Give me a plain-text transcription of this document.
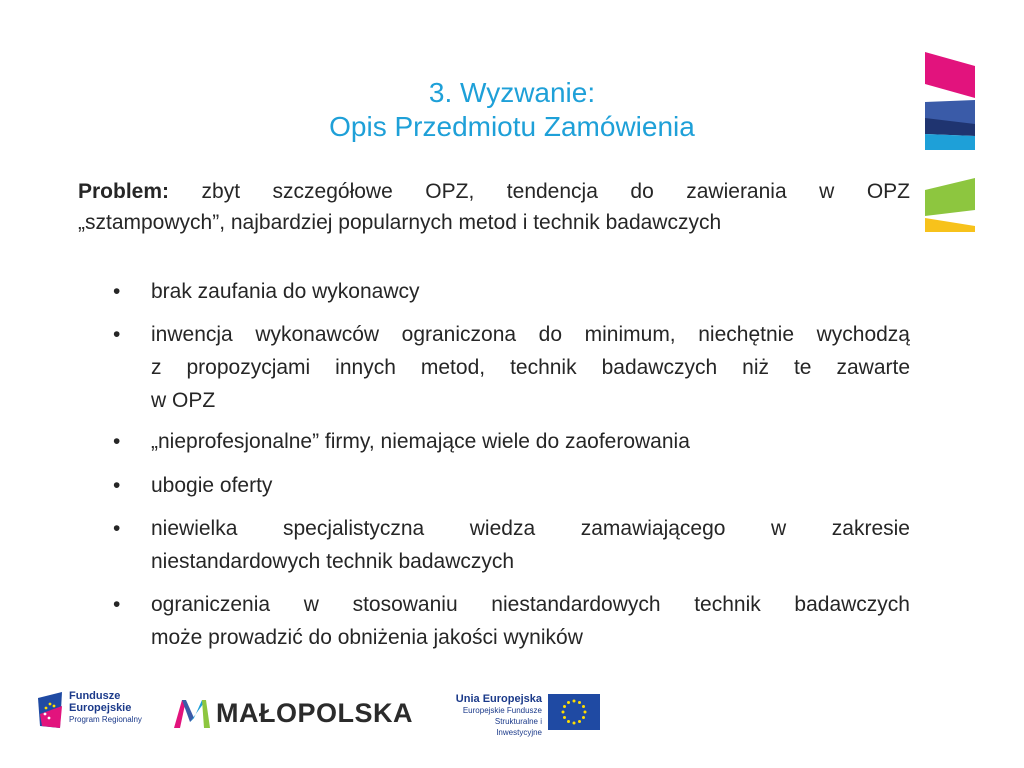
3. Wyzwanie:
Opis Przedmiotu Zamówienia
Problem: zbyt szczegółowe OPZ, tendencja do zawierania w OPZ
„sztampowych”, najbardziej popularnych metod i technik badawczych
• brak zaufania do wykonawcy
• inwencja wykonawców ograniczona do minimum, niechętnie wychodzą
z propozycjami innych metod, technik badawczych niż te zawarte
w OPZ
• „nieprofesjonalne” firmy, niemające wiele do zaoferowania
• ubogie oferty
• niewielka specjalistyczna wiedza zamawiającego w zakresie
niestandardowych technik badawczych
• ograniczenia w stosowaniu niestandardowych technik badawczych
może prowadzić do obniżenia jakości wyników
Fundusze
Europejskie
Program Regionalny	MAŁOPOLSKA	Unia Europejska
Europejskie Fundusze
Strukturalne i Inwestycyjne
